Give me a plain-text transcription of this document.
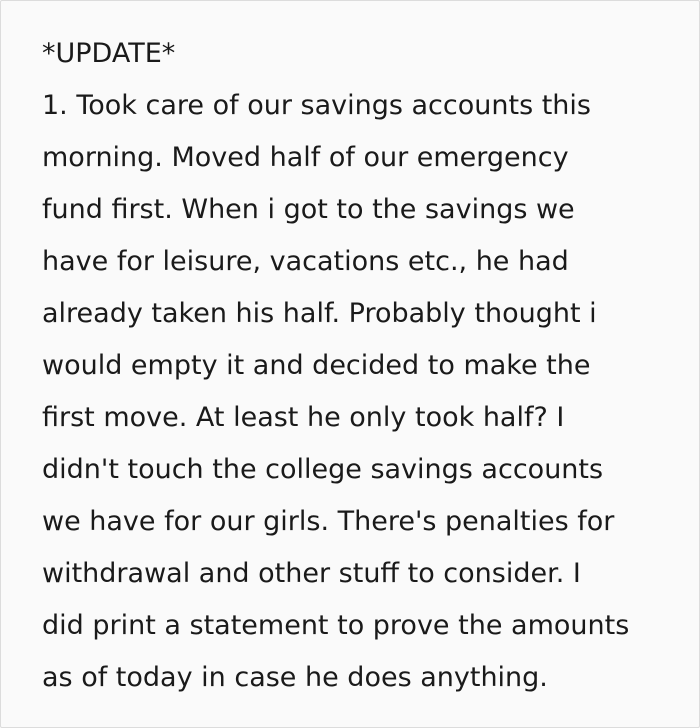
*UPDATE*
1. Took care of our savings accounts this
morning. Moved half of our emergency
fund first. When i got to the savings we
have for leisure, vacations etc., he had
already taken his half. Probably thought i
would empty it and decided to make the
first move. At least he only took half? I
didn't touch the college savings accounts
we have for our girls. There's penalties for
withdrawal and other stuff to consider. I
did print a statement to prove the amounts
as of today in case he does anything.
